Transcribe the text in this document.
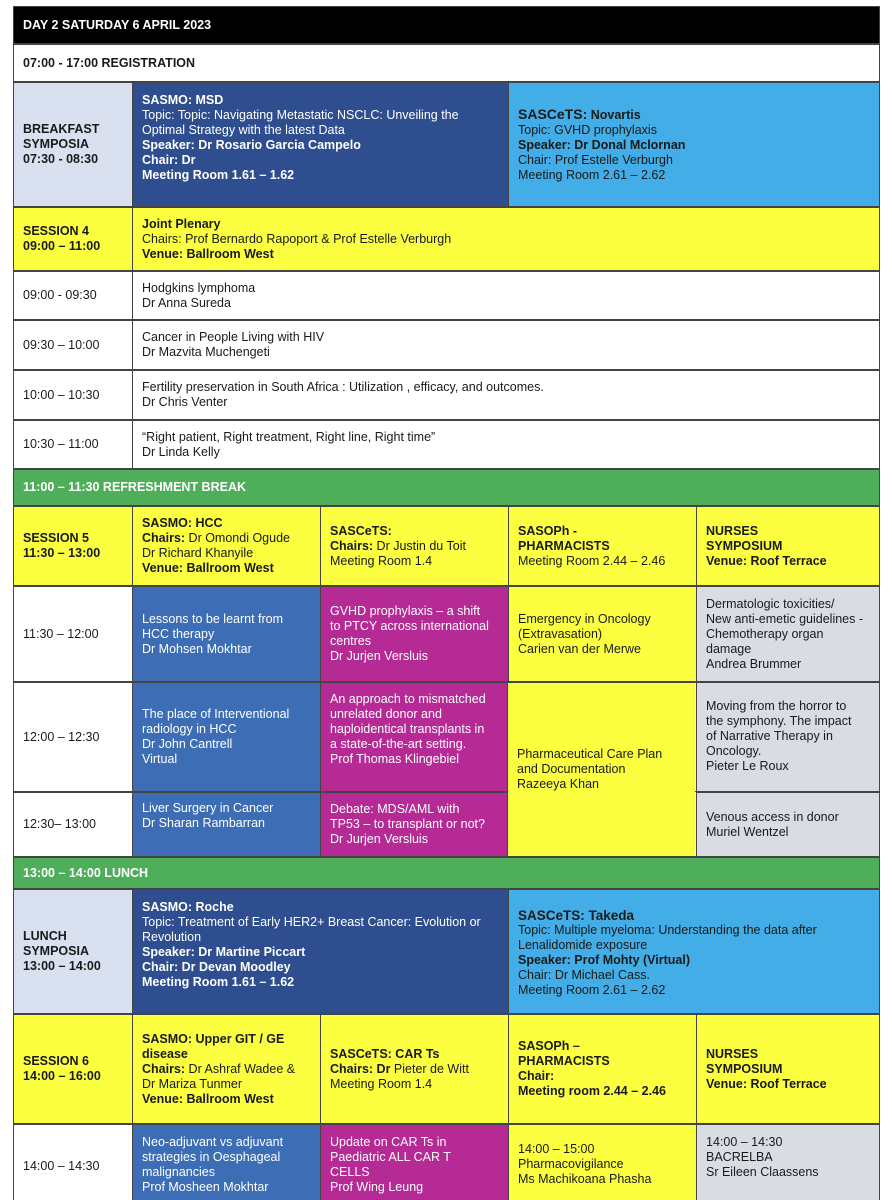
DAY 2 SATURDAY 6 APRIL 2023
07:00 - 17:00 REGISTRATION
BREAKFAST
SYMPOSIA
07:30 - 08:30
SASMO: MSD
Topic: Topic: Navigating Metastatic NSCLC: Unveiling the Optimal Strategy with the latest Data
Speaker: Dr Rosario Garcia Campelo
Chair: Dr
Meeting Room 1.61 – 1.62
SASCeTS: Novartis
Topic: GVHD prophylaxis
Speaker: Dr Donal Mclornan
Chair: Prof Estelle Verburgh
Meeting Room 2.61 – 2.62
SESSION 4
09:00 – 11:00
Joint Plenary
Chairs: Prof Bernardo Rapoport & Prof Estelle Verburgh
Venue: Ballroom West
09:00 - 09:30
Hodgkins lymphoma
Dr Anna Sureda
09:30 – 10:00
Cancer in People Living with HIV
Dr Mazvita Muchengeti
10:00 – 10:30
Fertility preservation in South Africa : Utilization , efficacy, and outcomes.
Dr Chris Venter
10:30 – 11:00
“Right patient, Right treatment, Right line, Right time”
Dr Linda Kelly
11:00 – 11:30 REFRESHMENT BREAK
SESSION 5
11:30 – 13:00
SASMO: HCC
Chairs: Dr Omondi Ogude
Dr Richard Khanyile
Venue: Ballroom West
SASCeTS:
Chairs: Dr Justin du Toit
Meeting Room 1.4
SASOPh -
PHARMACISTS
Meeting Room 2.44 – 2.46
NURSES
SYMPOSIUM
Venue: Roof Terrace
11:30 – 12:00
Lessons to be learnt from
HCC therapy
Dr Mohsen Mokhtar
GVHD prophylaxis – a shift
to PTCY across international
centres
Dr Jurjen Versluis
Emergency in Oncology
(Extravasation)
Carien van der Merwe
Dermatologic toxicities/
New anti-emetic guidelines -
Chemotherapy organ
damage
Andrea Brummer
12:00 – 12:30
The place of Interventional
radiology in HCC
Dr John Cantrell
Virtual
An approach to mismatched
unrelated donor and
haploidentical transplants in
a state-of-the-art setting.
Prof Thomas Klingebiel
Moving from the horror to
the symphony. The impact
of Narrative Therapy in
Oncology.
Pieter Le Roux
12:30– 13:00
Liver Surgery in Cancer
Dr Sharan Rambarran
Debate: MDS/AML with
TP53 – to transplant or not?
Dr Jurjen Versluis
Venous access in donor
Muriel Wentzel
Pharmaceutical Care Plan
and Documentation
Razeeya Khan
13:00 – 14:00 LUNCH
LUNCH
SYMPOSIA
13:00 – 14:00
SASMO: Roche
Topic: Treatment of Early HER2+ Breast Cancer: Evolution or Revolution
Speaker: Dr Martine Piccart
Chair: Dr Devan Moodley
Meeting Room 1.61 – 1.62
SASCeTS: Takeda
Topic: Multiple myeloma: Understanding the data after Lenalidomide exposure
Speaker: Prof Mohty (Virtual)
Chair: Dr Michael Cass.
Meeting Room 2.61 – 2.62
SESSION 6
14:00 – 16:00
SASMO: Upper GIT / GE disease
Chairs: Dr Ashraf Wadee &
Dr Mariza Tunmer
Venue: Ballroom West
SASCeTS: CAR Ts
Chairs: Dr Pieter de Witt
Meeting Room 1.4
SASOPh –
PHARMACISTS
Chair:
Meeting room 2.44 – 2.46
NURSES
SYMPOSIUM
Venue: Roof Terrace
14:00 – 14:30
Neo-adjuvant vs adjuvant
strategies in Oesphageal
malignancies
Prof Mosheen Mokhtar
Update on CAR Ts in
Paediatric ALL CAR T
CELLS
Prof Wing Leung
14:00 – 15:00
Pharmacovigilance
Ms Machikoana Phasha
14:00 – 14:30
BACRELBA
Sr Eileen Claassens
